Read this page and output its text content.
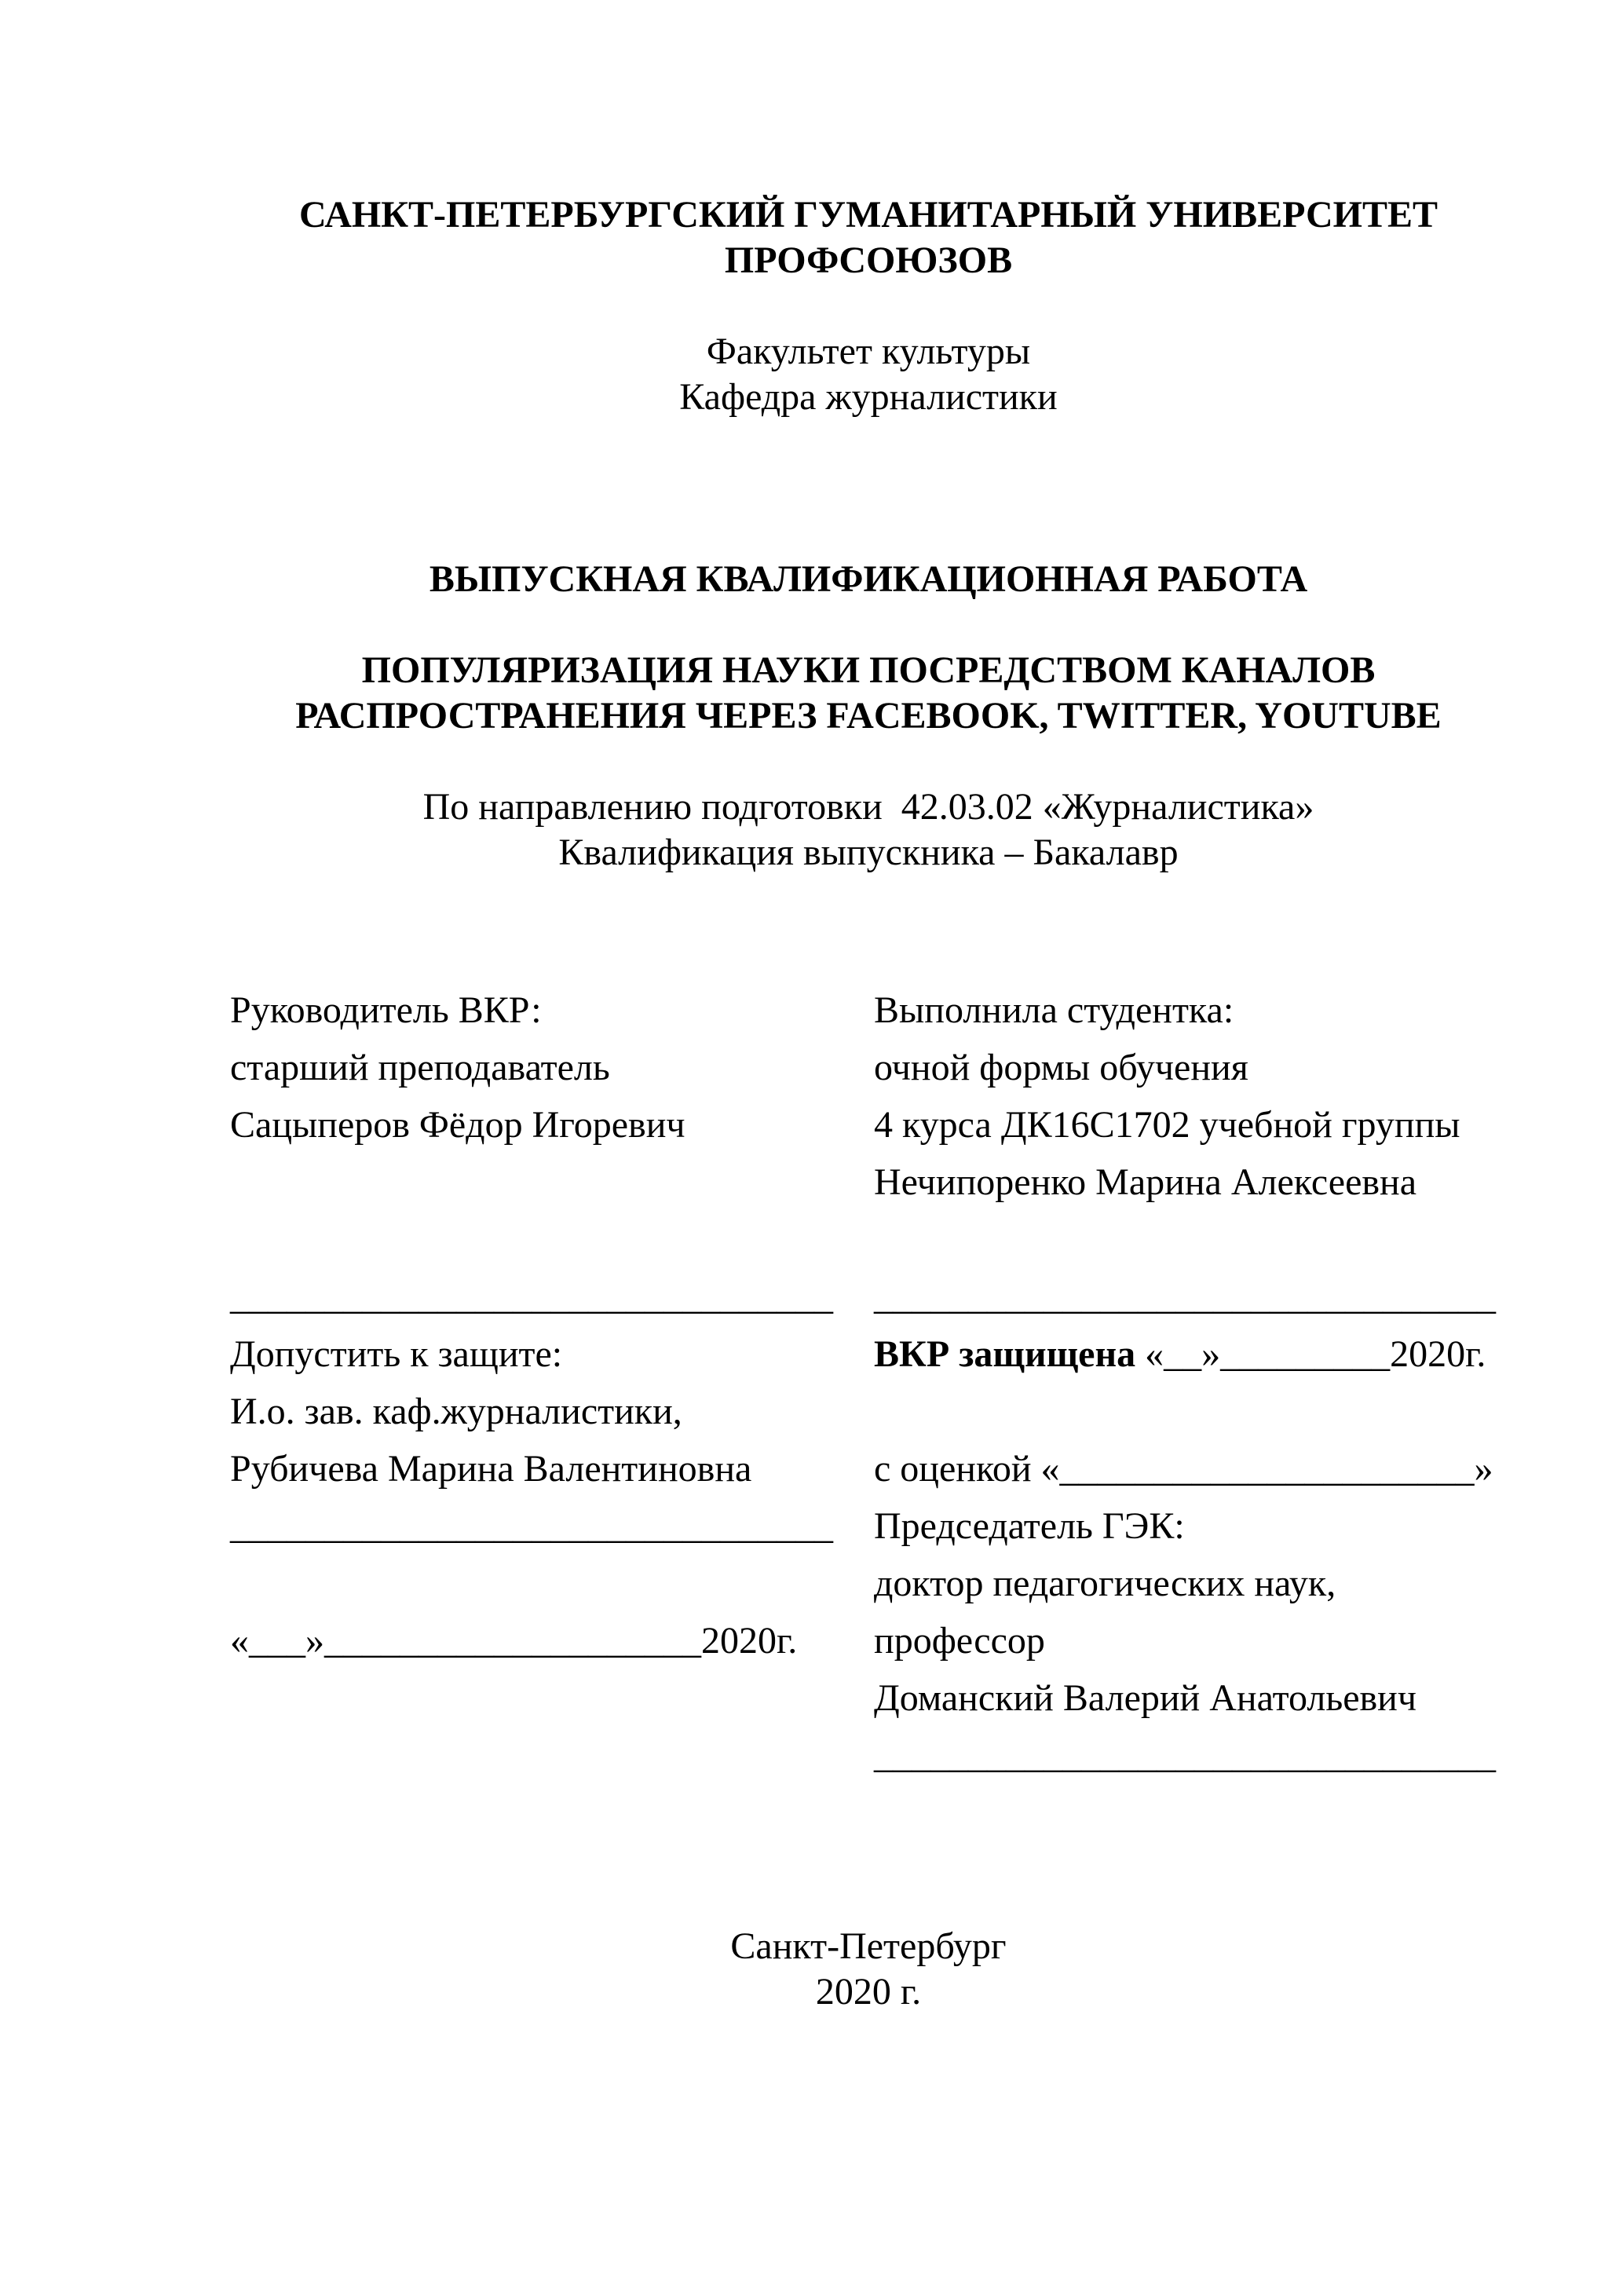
САНКТ-ПЕТЕРБУРГСКИЙ ГУМАНИТАРНЫЙ УНИВЕРСИТЕТ

ПРОФСОЮЗОВ

Факультет культуры

Кафедра журналистики

ВЫПУСКНАЯ КВАЛИФИКАЦИОННАЯ РАБОТА

ПОПУЛЯРИЗАЦИЯ НАУКИ ПОСРЕДСТВОМ КАНАЛОВ

РАСПРОСТРАНЕНИЯ ЧЕРЕЗ FACEBOOK, TWITTER, YOUTUBE

По направлению подготовки  42.03.02 «Журналистика»

Квалификация выпускника – Бакалавр

Руководитель ВКР:

старший преподаватель

Сацыперов Фёдор Игоревич

________________________________

Допустить к защите:

И.о. зав. каф.журналистики,

Рубичева Марина Валентиновна

________________________________

«___»____________________2020г.

Выполнила студентка:

очной формы обучения

4 курса ДК16С1702 учебной группы

Нечипоренко Марина Алексеевна

_________________________________

ВКР защищена «__»_________2020г.

с оценкой «______________________»

Председатель ГЭК:

доктор педагогических наук,

профессор

Доманский Валерий Анатольевич

_________________________________

Санкт-Петербург

2020 г.
